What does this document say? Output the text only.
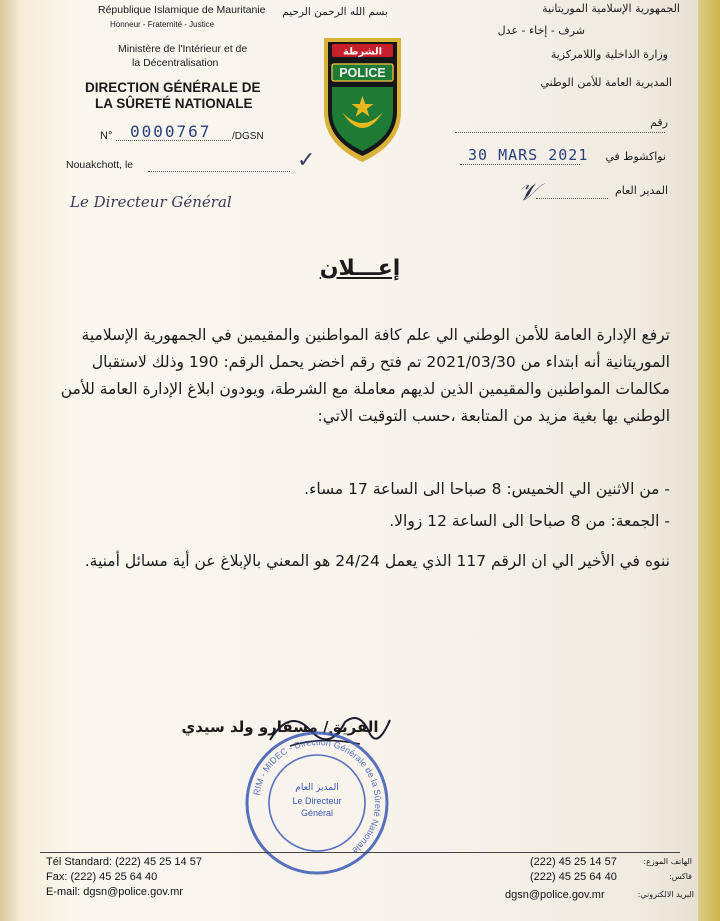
République Islamique de Mauritanie
Honneur - Fraternité - Justice
Ministère de l'Intérieur et de
la Décentralisation
DIRECTION GÉNÉRALE DE
LA SÛRETÉ NATIONALE
N° 0000767 /DGSN
Nouakchott, le	✓
Le Directeur Général
بسم الله الرحمن الرحيم
الشرطة
POLICE
الجمهورية الإسلامية الموريتانية
شرف - إخاء - عدل
وزارة الداخلية واللامركزية
المديرية العامة للأمن الوطني
رقم
نواكشوط في
30 MARS 2021
المدير العام
𝒱
إعـــلان
ترفع الإدارة العامة للأمن الوطني الي علم كافة المواطنين والمقيمين في الجمهورية الإسلامية الموريتانية أنه ابتداء من 2021/03/30 تم فتح رقم اخضر يحمل الرقم: 190 وذلك لاستقبال مكالمات المواطنين والمقيمين الذين لديهم معاملة مع الشرطة، ويودون ابلاغ الإدارة العامة للأمن الوطني بها بغية مزيد من المتابعة ،حسب التوقيت الاتي:
- من الاثنين الي الخميس: 8 صباحا الى الساعة 17 مساء.
- الجمعة: من 8 صباحا الى الساعة 12 زوالا.
ننوه في الأخير الي ان الرقم 117 الذي يعمل 24/24 هو المعني بالإبلاغ عن أية مسائل أمنية.
الفريق/ مسقارو ولد سيدي
RIM - MIDEC - Direction Générale de la Sûreté Nationale
المدير العام
Le Directeur
Général
Tél Standard: (222) 45 25 14 57
Fax: (222) 45 25 64 40
E-mail: dgsn@police.gov.mr
(222) 45 25 14 57	الهاتف الموزع:
(222) 45 25 64 40	فاكس:
dgsn@police.gov.mr	البريد الالكتروني:
